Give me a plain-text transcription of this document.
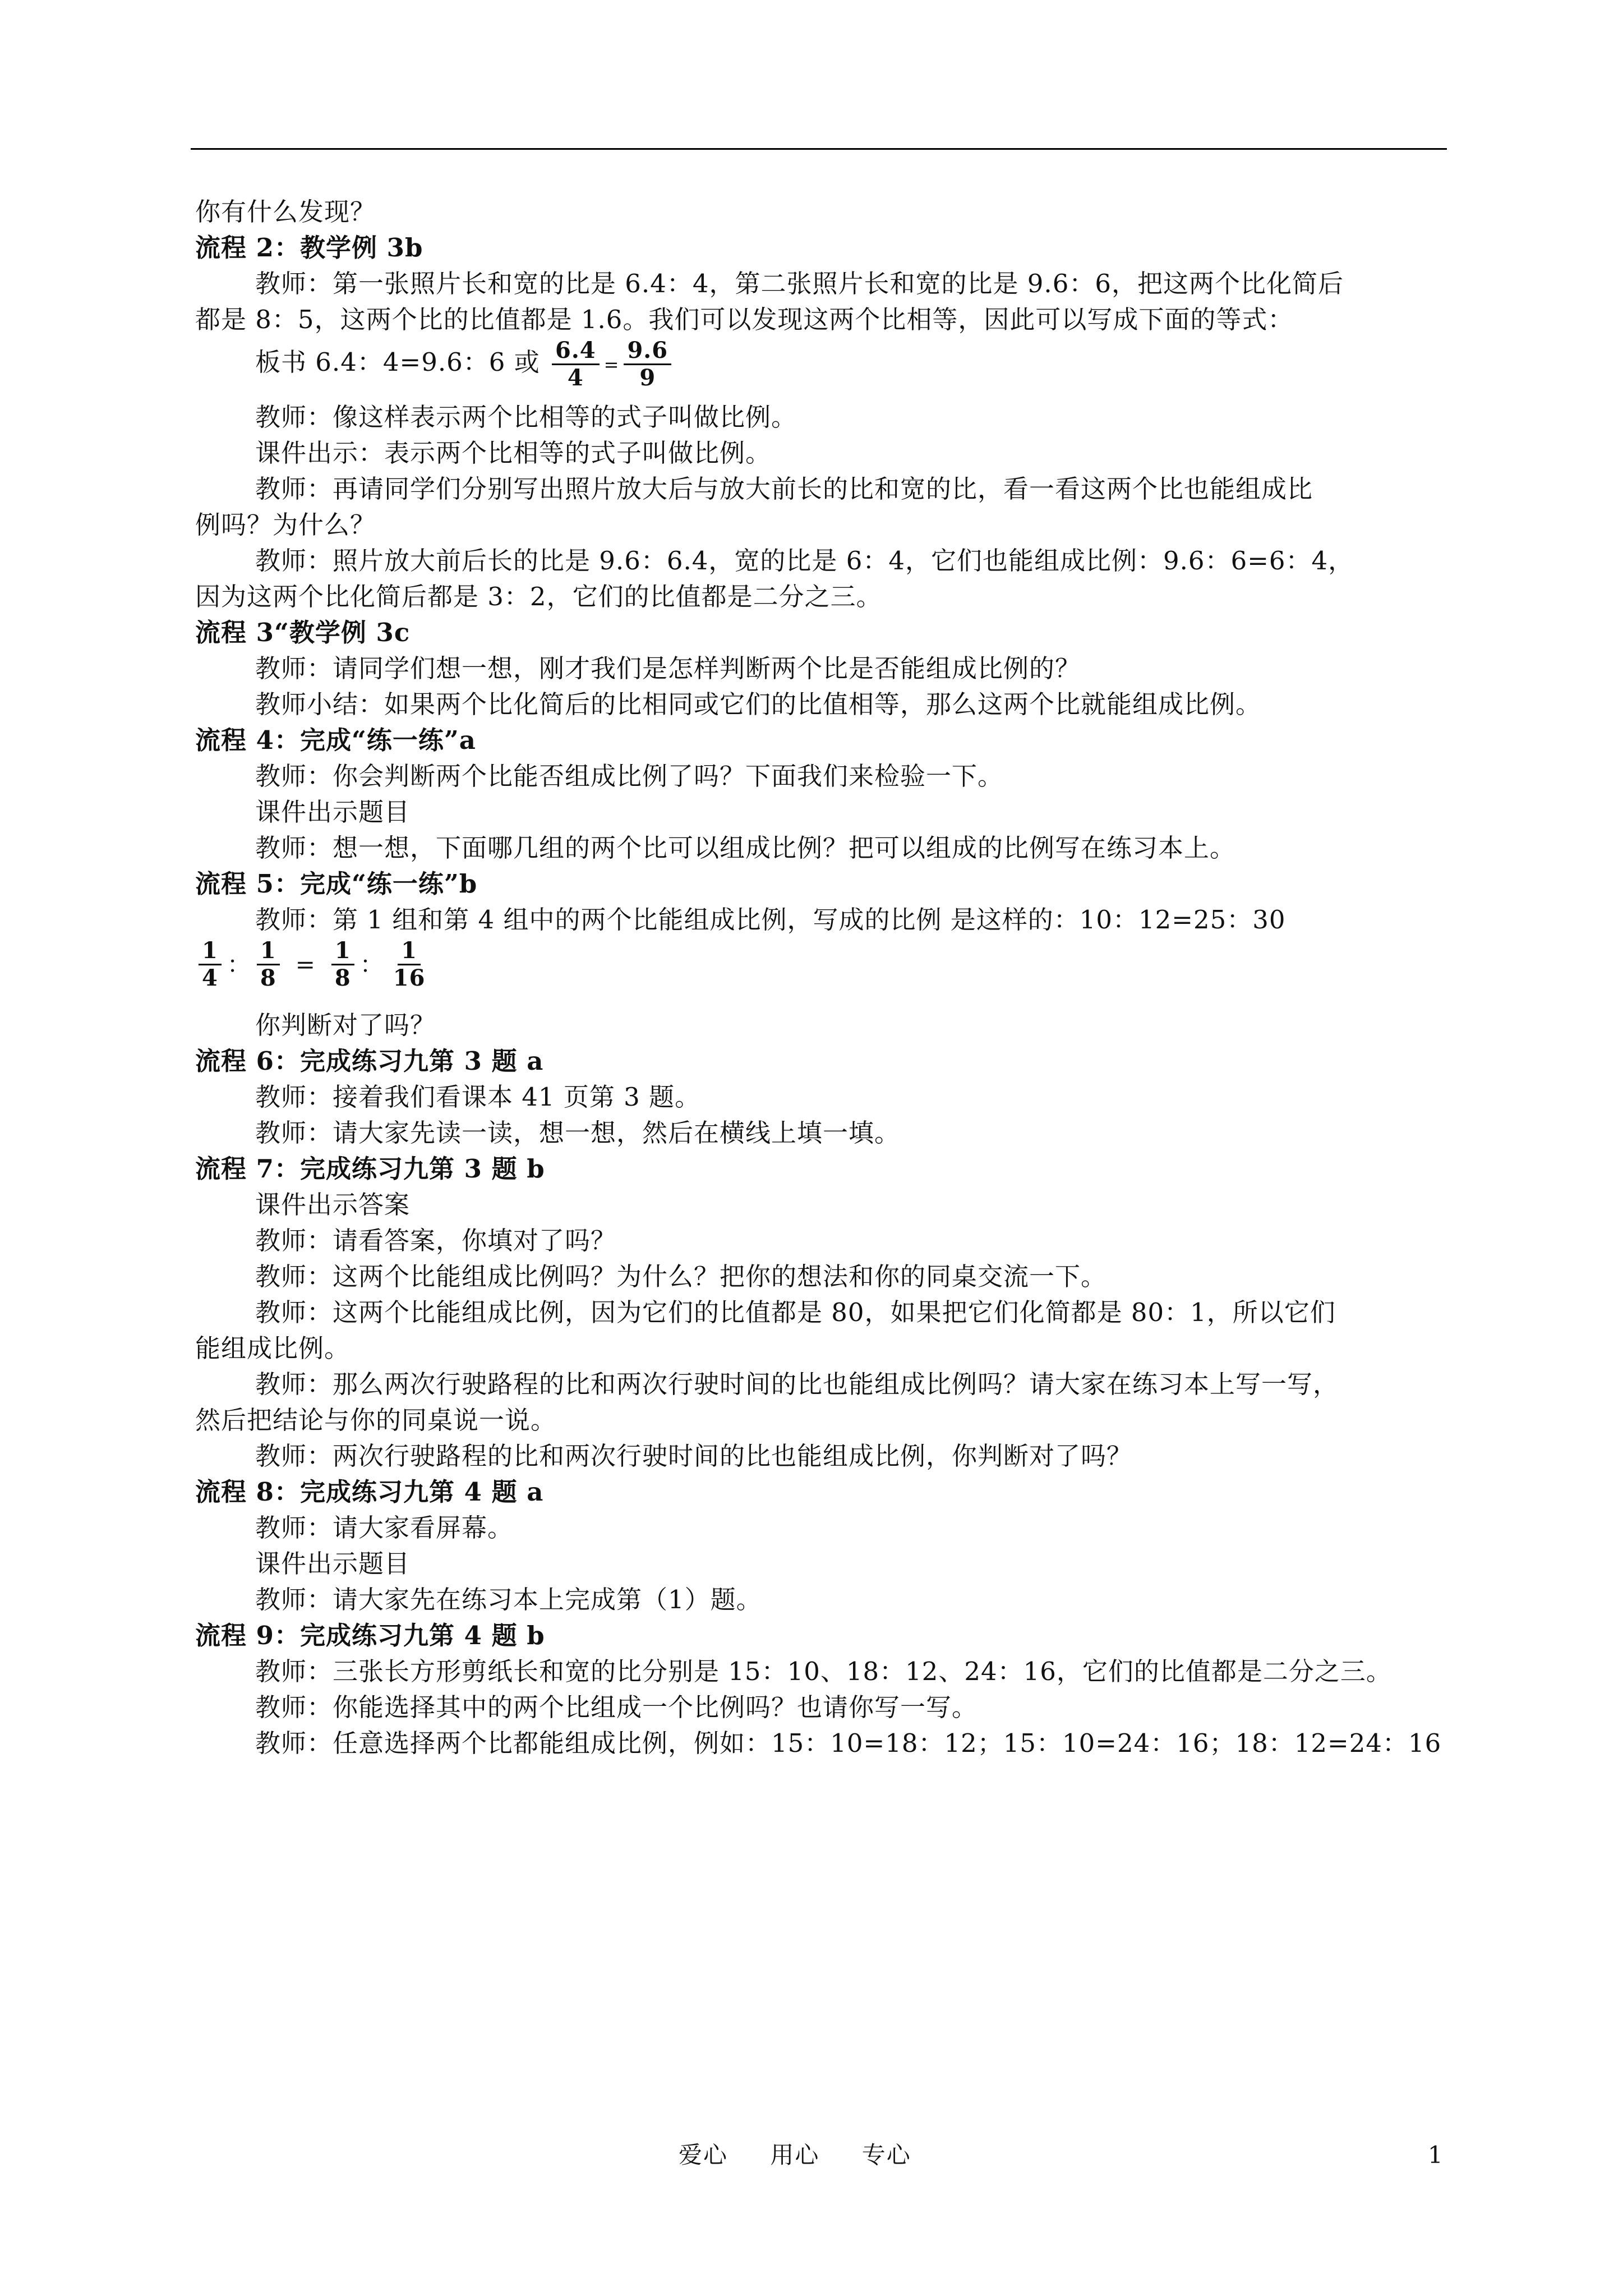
你有什么发现？
流程 2：教学例 3b
教师：第一张照片长和宽的比是 6.4：4，第二张照片长和宽的比是 9.6：6，把这两个比化简后
都是 8：5，这两个比的比值都是 1.6。我们可以发现这两个比相等，因此可以写成下面的等式：
板书 6.4：4=9.6：6 或 $\frac{6.4}{4} = \frac{9.6}{9}$
教师：像这样表示两个比相等的式子叫做比例。
课件出示：表示两个比相等的式子叫做比例。
教师：再请同学们分别写出照片放大后与放大前长的比和宽的比，看一看这两个比也能组成比
例吗？为什么？
教师：照片放大前后长的比是 9.6：6.4，宽的比是 6：4，它们也能组成比例：9.6：6=6：4，
因为这两个比化简后都是 3：2，它们的比值都是二分之三。
流程 3“教学例 3c
教师：请同学们想一想，刚才我们是怎样判断两个比是否能组成比例的？
教师小结：如果两个比化简后的比相同或它们的比值相等，那么这两个比就能组成比例。
流程 4：完成“练一练”a
教师：你会判断两个比能否组成比例了吗？下面我们来检验一下。
课件出示题目
教师：想一想，下面哪几组的两个比可以组成比例？把可以组成的比例写在练习本上。
流程 5：完成“练一练”b
教师：第 1 组和第 4 组中的两个比能组成比例，写成的比例 是这样的：10：12=25：30
$\frac{1}{4}$ ： $\frac{1}{8} = \frac{1}{8}$ ： $\frac{1}{16}$
你判断对了吗？
流程 6：完成练习九第 3 题 a
教师：接着我们看课本 41 页第 3 题。
教师：请大家先读一读，想一想，然后在横线上填一填。
流程 7：完成练习九第 3 题 b
课件出示答案
教师：请看答案，你填对了吗？
教师：这两个比能组成比例吗？为什么？把你的想法和你的同桌交流一下。
教师：这两个比能组成比例，因为它们的比值都是 80，如果把它们化简都是 80：1，所以它们
能组成比例。
教师：那么两次行驶路程的比和两次行驶时间的比也能组成比例吗？请大家在练习本上写一写，
然后把结论与你的同桌说一说。
教师：两次行驶路程的比和两次行驶时间的比也能组成比例，你判断对了吗？
流程 8：完成练习九第 4 题 a
教师：请大家看屏幕。
课件出示题目
教师：请大家先在练习本上完成第（1）题。
流程 9：完成练习九第 4 题 b
教师：三张长方形剪纸长和宽的比分别是 15：10、18：12、24：16，它们的比值都是二分之三。
教师：你能选择其中的两个比组成一个比例吗？也请你写一写。
教师：任意选择两个比都能组成比例，例如：15：10=18：12；15：10=24：16；18：12=24：16
爱心 用心 专心	1
